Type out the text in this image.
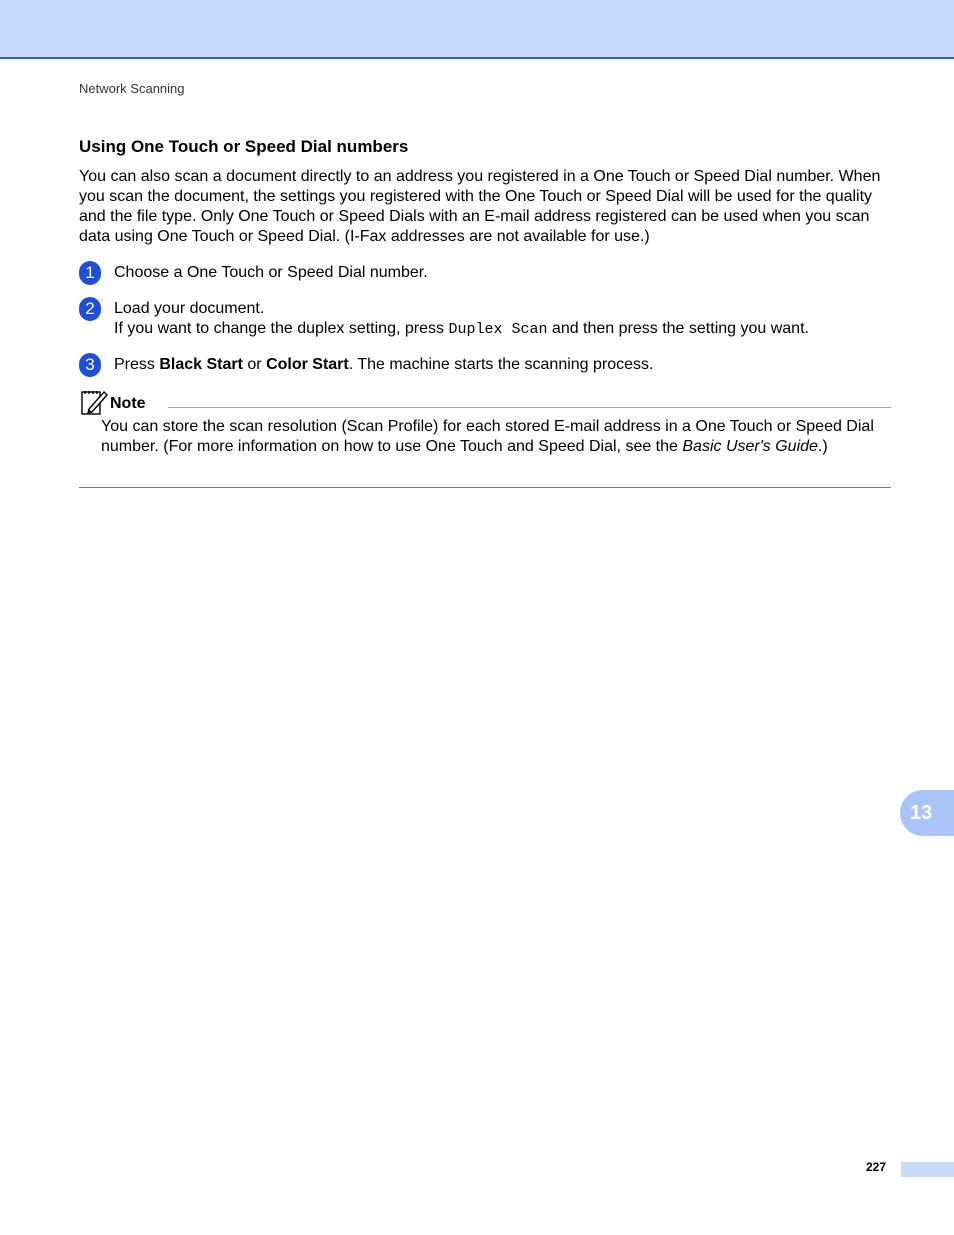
Network Scanning
Using One Touch or Speed Dial numbers

You can also scan a document directly to an address you registered in a One Touch or Speed Dial number. When you scan the document, the settings you registered with the One Touch or Speed Dial will be used for the quality and the file type. Only One Touch or Speed Dials with an E-mail address registered can be used when you scan data using One Touch or Speed Dial. (I-Fax addresses are not available for use.)

1	Choose a One Touch or Speed Dial number.
2	Load your document.
If you want to change the duplex setting, press Duplex Scan and then press the setting you want.
3	Press Black Start or Color Start. The machine starts the scanning process.
Note

You can store the scan resolution (Scan Profile) for each stored E-mail address in a One Touch or Speed Dial number. (For more information on how to use One Touch and Speed Dial, see the Basic User's Guide.)

13
227
